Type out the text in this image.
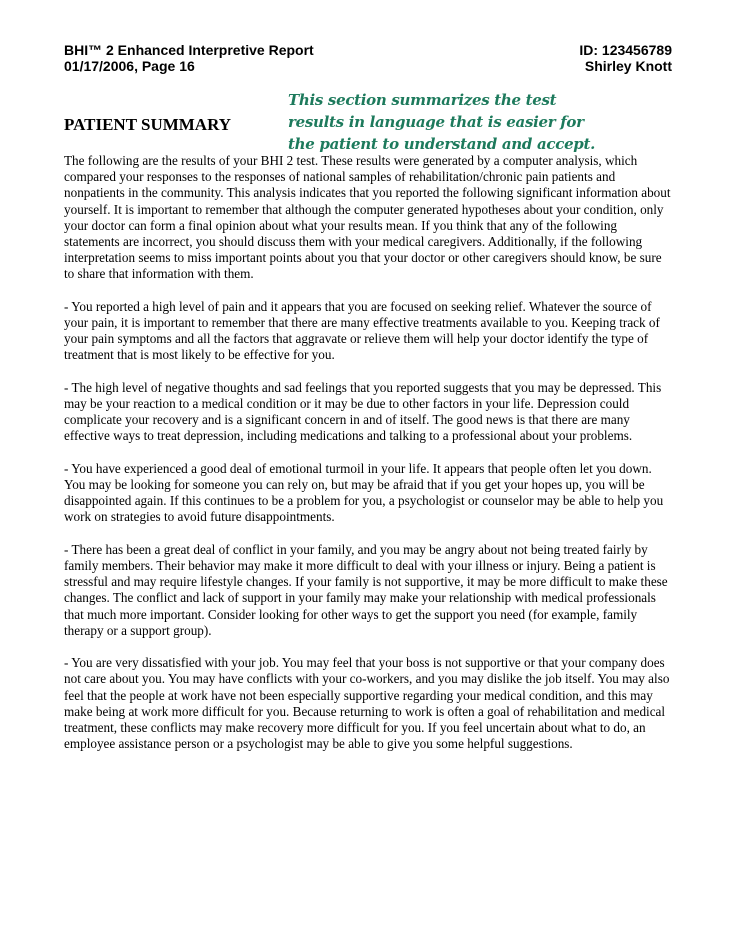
BHI™ 2 Enhanced Interpretive Report
01/17/2006, Page 16
ID: 123456789
Shirley Knott
PATIENT SUMMARY
This section summarizes the test results in language that is easier for the patient to understand and accept.

The following are the results of your BHI 2 test. These results were generated by a computer analysis, which compared your responses to the responses of national samples of rehabilitation/chronic pain patients and nonpatients in the community. This analysis indicates that you reported the following significant information about yourself. It is important to remember that although the computer generated hypotheses about your condition, only your doctor can form a final opinion about what your results mean. If you think that any of the following statements are incorrect, you should discuss them with your medical caregivers. Additionally, if the following interpretation seems to miss important points about you that your doctor or other caregivers should know, be sure to share that information with them.

- You reported a high level of pain and it appears that you are focused on seeking relief. Whatever the source of your pain, it is important to remember that there are many effective treatments available to you. Keeping track of your pain symptoms and all the factors that aggravate or relieve them will help your doctor identify the type of treatment that is most likely to be effective for you.

- The high level of negative thoughts and sad feelings that you reported suggests that you may be depressed. This may be your reaction to a medical condition or it may be due to other factors in your life. Depression could complicate your recovery and is a significant concern in and of itself. The good news is that there are many effective ways to treat depression, including medications and talking to a professional about your problems.

- You have experienced a good deal of emotional turmoil in your life. It appears that people often let you down. You may be looking for someone you can rely on, but may be afraid that if you get your hopes up, you will be disappointed again. If this continues to be a problem for you, a psychologist or counselor may be able to help you work on strategies to avoid future disappointments.

- There has been a great deal of conflict in your family, and you may be angry about not being treated fairly by family members. Their behavior may make it more difficult to deal with your illness or injury. Being a patient is stressful and may require lifestyle changes. If your family is not supportive, it may be more difficult to make these changes. The conflict and lack of support in your family may make your relationship with medical professionals that much more important. Consider looking for other ways to get the support you need (for example, family therapy or a support group).

- You are very dissatisfied with your job. You may feel that your boss is not supportive or that your company does not care about you. You may have conflicts with your co-workers, and you may dislike the job itself. You may also feel that the people at work have not been especially supportive regarding your medical condition, and this may make being at work more difficult for you. Because returning to work is often a goal of rehabilitation and medical treatment, these conflicts may make recovery more difficult for you. If you feel uncertain about what to do, an employee assistance person or a psychologist may be able to give you some helpful suggestions.
